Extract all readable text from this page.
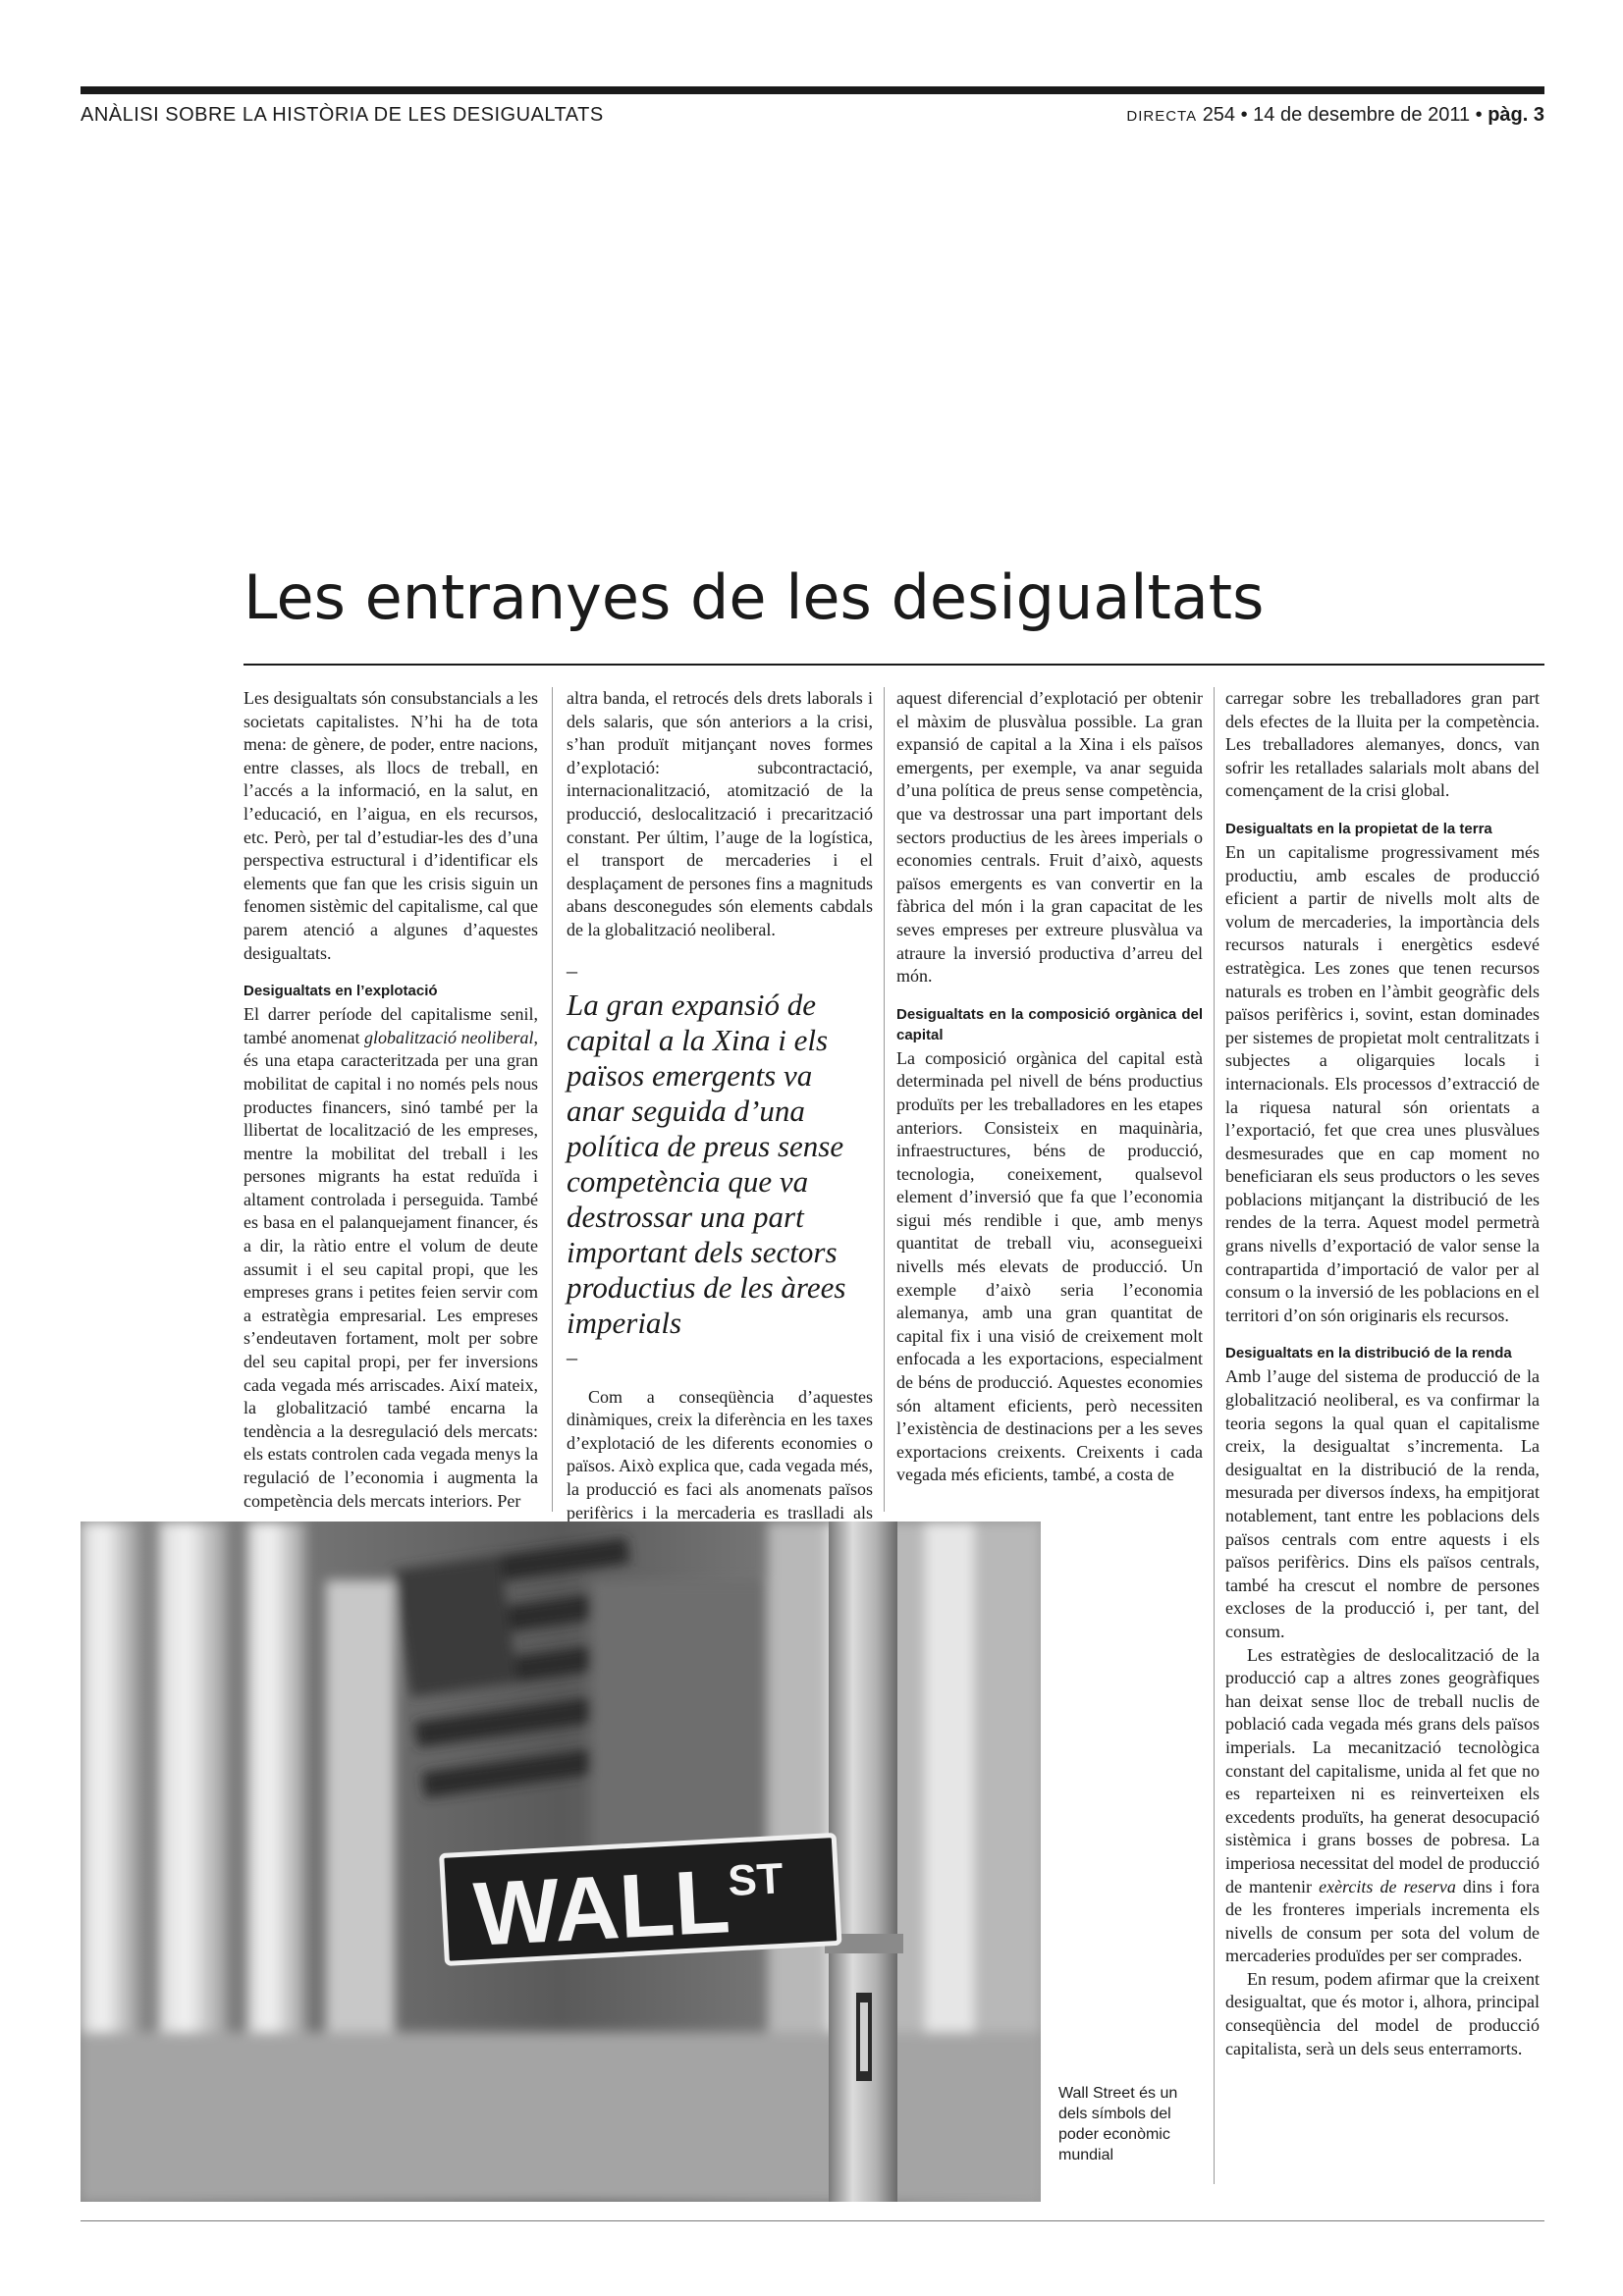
ANÀLISI SOBRE LA HISTÒRIA DE LES DESIGUALTATS	DIRECTA 254 • 14 de desembre de 2011 • pàg. 3
Les entranyes de les desigualtats

Les desigualtats són consubstancials a les societats capitalistes. N’hi ha de tota mena: de gènere, de poder, entre nacions, entre classes, als llocs de treball, en l’accés a la informació, en la salut, en l’educació, en l’aigua, en els recursos, etc. Però, per tal d’estudiar-les des d’una perspectiva estructural i d’identificar els elements que fan que les crisis siguin un fenomen sistèmic del capitalisme, cal que parem atenció a algunes d’aquestes desigualtats.

Desigualtats en l’explotació

El darrer període del capitalisme senil, també anomenat globalització neoliberal, és una etapa caracteritzada per una gran mobilitat de capital i no només pels nous productes financers, sinó també per la llibertat de localització de les empreses, mentre la mobilitat del treball i les persones migrants ha estat reduïda i altament controlada i perseguida. També es basa en el palanquejament financer, és a dir, la ràtio entre el volum de deute assumit i el seu capital propi, que les empreses grans i petites feien servir com a estratègia empresarial. Les empreses s’endeutaven fortament, molt per sobre del seu capital propi, per fer inversions cada vegada més arriscades. Així mateix, la globalització també encarna la tendència a la desregulació dels mercats: els estats controlen cada vegada menys la regulació de l’economia i augmenta la competència dels mercats interiors. Per

altra banda, el retrocés dels drets laborals i dels salaris, que són anteriors a la crisi, s’han produït mitjançant noves formes d’explotació: subcontractació, internacionalització, atomització de la producció, deslocalització i precarització constant. Per últim, l’auge de la logística, el transport de mercaderies i el desplaçament de persones fins a magnituds abans desconegudes són elements cabdals de la globalització neoliberal.

–
La gran expansió de capital a la Xina i els països emergents va anar seguida d’una política de preus sense competència que va destrossar una part important dels sectors productius de les àrees imperials
–

Com a conseqüència d’aquestes dinàmiques, creix la diferència en les taxes d’explotació de les diferents economies o països. Això explica que, cada vegada més, la producció es faci als anomenats països perifèrics i la mercaderia es traslladi als

aquest diferencial d’explotació per obtenir el màxim de plusvàlua possible. La gran expansió de capital a la Xina i els països emergents, per exemple, va anar seguida d’una política de preus sense competència, que va destrossar una part important dels sectors productius de les àrees imperials o economies centrals. Fruit d’això, aquests països emergents es van convertir en la fàbrica del món i la gran capacitat de les seves empreses per extreure plusvàlua va atraure la inversió productiva d’arreu del món.

Desigualtats en la composició orgànica del capital

La composició orgànica del capital està determinada pel nivell de béns productius produïts per les treballadores en les etapes anteriors. Consisteix en maquinària, infraestructures, béns de producció, tecnologia, coneixement, qualsevol element d’inversió que fa que l’economia sigui més rendible i que, amb menys quantitat de treball viu, aconsegueixi nivells més elevats de producció. Un exemple d’això seria l’economia alemanya, amb una gran quantitat de capital fix i una visió de creixement molt enfocada a les exportacions, especialment de béns de producció. Aquestes economies són altament eficients, però necessiten l’existència de destinacions per a les seves exportacions creixents. Creixents i cada vegada més eficients, també, a costa de

carregar sobre les treballadores gran part dels efectes de la lluita per la competència. Les treballadores alemanyes, doncs, van sofrir les retallades salarials molt abans del començament de la crisi global.

Desigualtats en la propietat de la terra

En un capitalisme progressivament més productiu, amb escales de producció eficient a partir de nivells molt alts de volum de mercaderies, la importància dels recursos naturals i energètics esdevé estratègica. Les zones que tenen recursos naturals es troben en l’àmbit geogràfic dels països perifèrics i, sovint, estan dominades per sistemes de propietat molt centralitzats i subjectes a oligarquies locals i internacionals. Els processos d’extracció de la riquesa natural són orientats a l’exportació, fet que crea unes plusvàlues desmesurades que en cap moment no beneficiaran els seus productors o les seves poblacions mitjançant la distribució de les rendes de la terra. Aquest model permetrà grans nivells d’exportació de valor sense la contrapartida d’importació de valor per al consum o la inversió de les poblacions en el territori d’on són originaris els recursos.

Desigualtats en la distribució de la renda

Amb l’auge del sistema de producció de la globalització neoliberal, es va confirmar la teoria segons la qual quan el capitalisme creix, la desigualtat s’incrementa. La desigualtat en la distribució de la renda, mesurada per diversos índexs, ha empitjorat notablement, tant entre les poblacions dels països centrals com entre aquests i els països perifèrics. Dins els països centrals, també ha crescut el nombre de persones excloses de la producció i, per tant, del consum.

Les estratègies de deslocalització de la producció cap a altres zones geogràfiques han deixat sense lloc de treball nuclis de població cada vegada més grans dels països imperials. La mecanització tecnològica constant del capitalisme, unida al fet que no es reparteixen ni es reinverteixen els excedents produïts, ha generat desocupació sistèmica i grans bosses de pobresa. La imperiosa necessitat del model de producció de mantenir exèrcits de reserva dins i fora de les fronteres imperials incrementa els nivells de consum per sota del volum de mercaderies produïdes per ser comprades.

En resum, podem afirmar que la creixent desigualtat, que és motor i, alhora, principal conseqüència del model de producció capitalista, serà un dels seus enterramorts.

WALL
ST
Wall Street és un dels símbols del poder econòmic mundial
